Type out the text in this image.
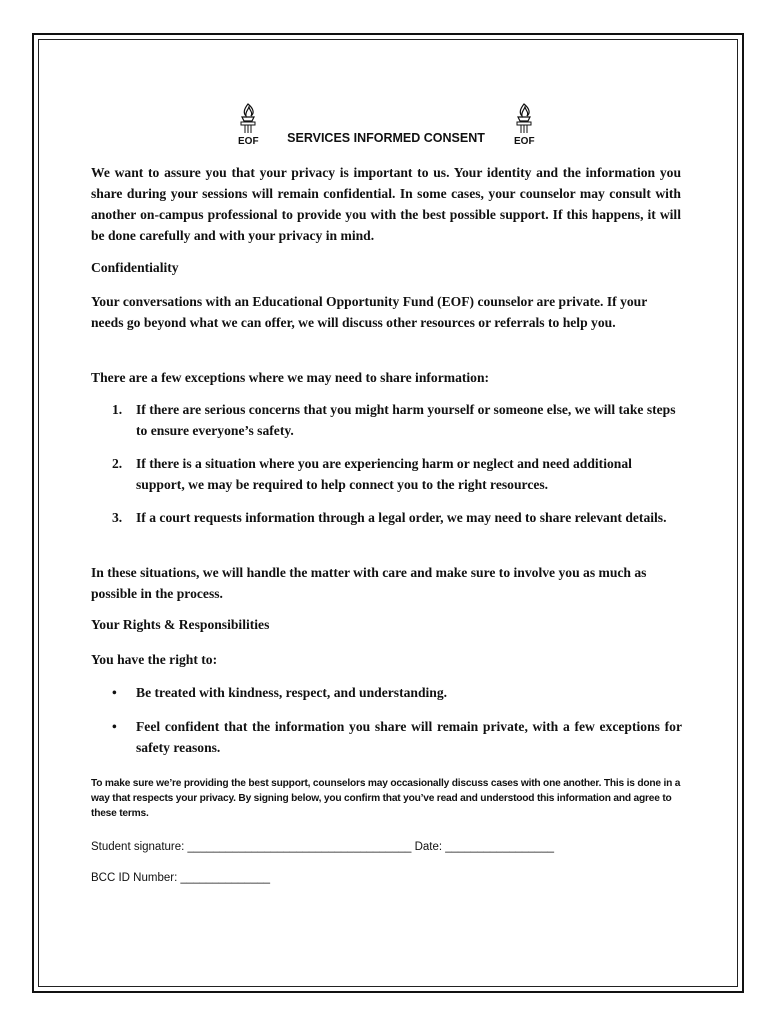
EOF SERVICES INFORMED CONSENT	EOF

We want to assure you that your privacy is important to us. Your identity and the information you share during your sessions will remain confidential. In some cases, your counselor may consult with another on-campus professional to provide you with the best possible support. If this happens, it will be done carefully and with your privacy in mind.

Confidentiality

Your conversations with an Educational Opportunity Fund (EOF) counselor are private. If your needs go beyond what we can offer, we will discuss other resources or referrals to help you.

There are a few exceptions where we may need to share information:

1.	If there are serious concerns that you might harm yourself or someone else, we will take steps to ensure everyone’s safety.
2.	If there is a situation where you are experiencing harm or neglect and need additional support, we may be required to help connect you to the right resources.
3.	If a court requests information through a legal order, we may need to share relevant details.

In these situations, we will handle the matter with care and make sure to involve you as much as possible in the process.

Your Rights & Responsibilities

You have the right to:

•	Be treated with kindness, respect, and understanding.
•	Feel confident that the information you share will remain private, with a few exceptions for safety reasons.

To make sure we’re providing the best support, counselors may occasionally discuss cases with one another. This is done in a way that respects your privacy. By signing below, you confirm that you’ve read and understood this information and agree to these terms.

Student signature: ___________________________________ Date: _________________
BCC ID Number: ______________
